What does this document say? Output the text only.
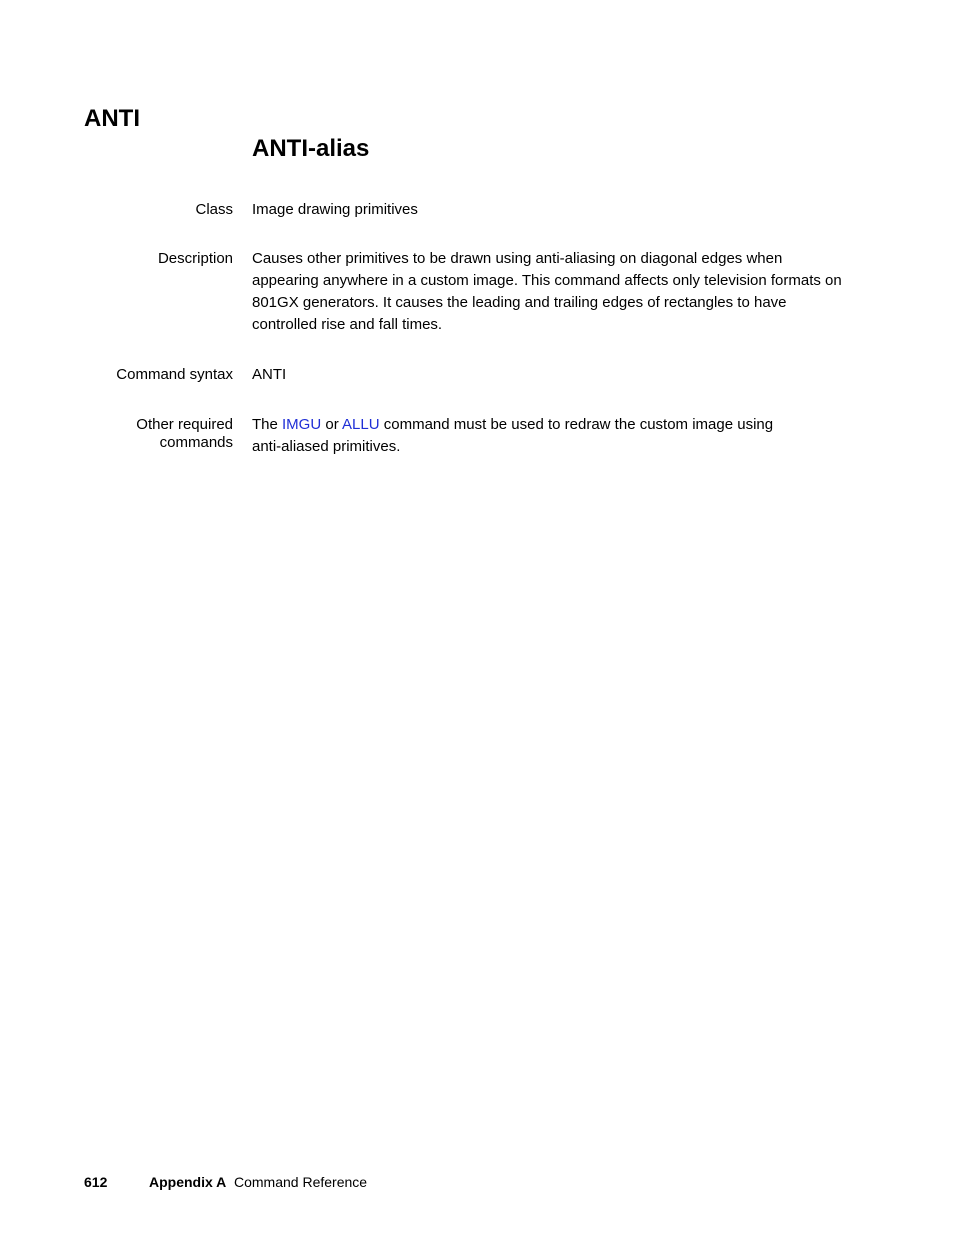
ANTI
ANTI-alias
Class Image drawing primitives
Description Causes other primitives to be drawn using anti-aliasing on diagonal edges when
appearing anywhere in a custom image. This command affects only television formats on
801GX generators. It causes the leading and trailing edges of rectangles to have
controlled rise and fall times.
Command syntax ANTI
Other required
commands
The IMGU or ALLU command must be used to redraw the custom image using
anti-aliased primitives.
612	Appendix A Command Reference
